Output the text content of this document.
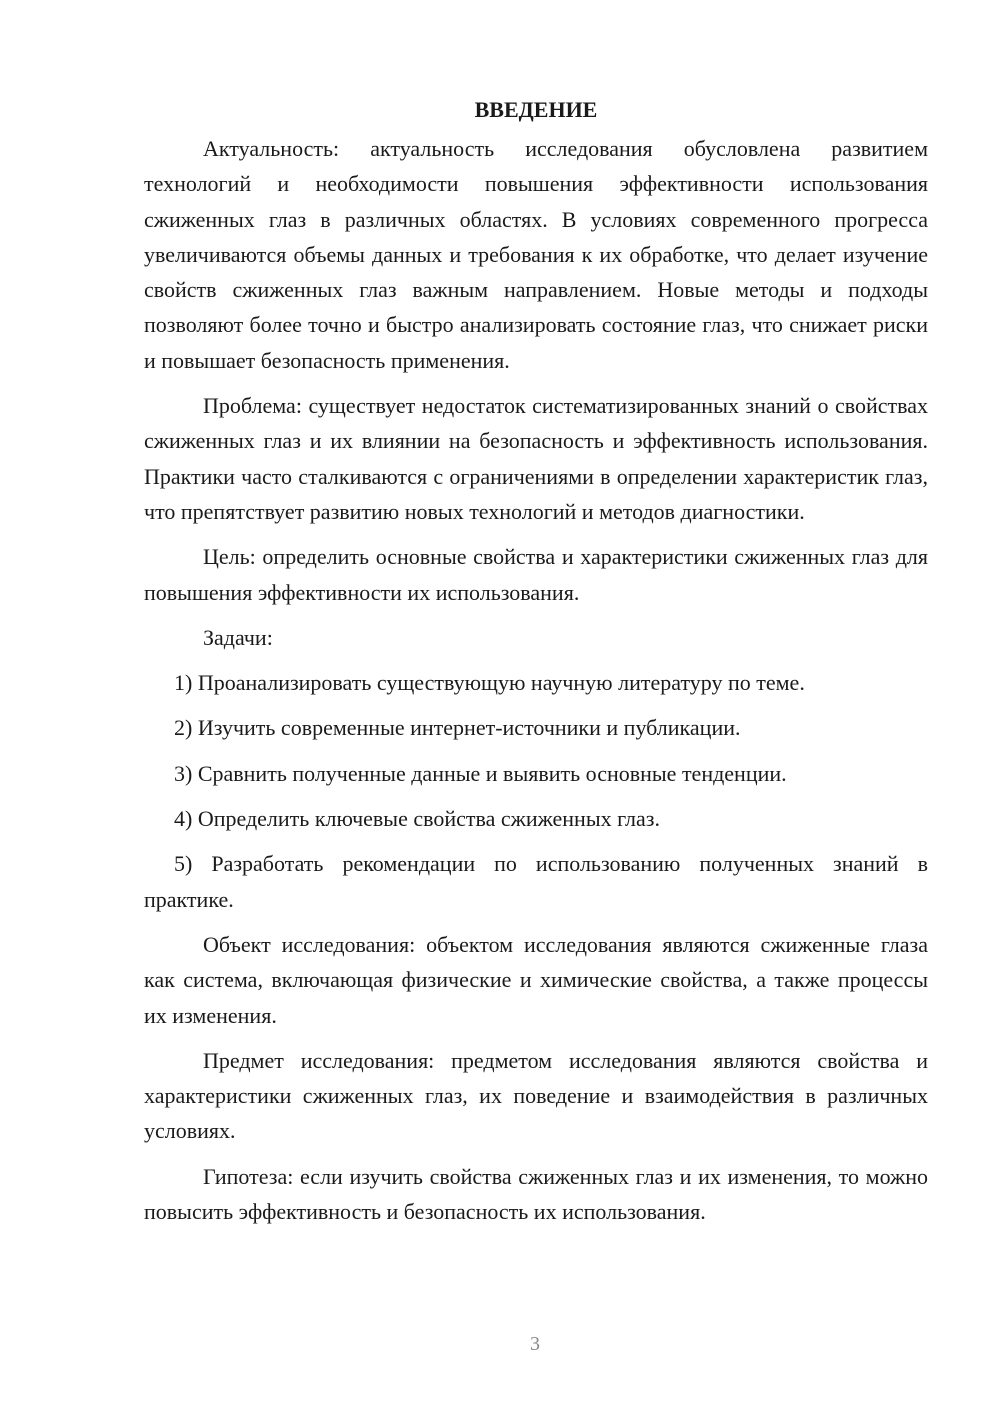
ВВЕДЕНИЕ

Актуальность: актуальность исследования обусловлена развитием технологий и необходимости повышения эффективности использования сжиженных глаз в различных областях. В условиях современного прогресса увеличиваются объемы данных и требования к их обработке, что делает изучение свойств сжиженных глаз важным направлением. Новые методы и подходы позволяют более точно и быстро анализировать состояние глаз, что снижает риски и повышает безопасность применения.

Проблема: существует недостаток систематизированных знаний о свойствах сжиженных глаз и их влиянии на безопасность и эффективность использования. Практики часто сталкиваются с ограничениями в определении характеристик глаз, что препятствует развитию новых технологий и методов диагностики.

Цель: определить основные свойства и характеристики сжиженных глаз для повышения эффективности их использования.

Задачи:

1) Проанализировать существующую научную литературу по теме.

2) Изучить современные интернет-источники и публикации.

3) Сравнить полученные данные и выявить основные тенденции.

4) Определить ключевые свойства сжиженных глаз.

5) Разработать рекомендации по использованию полученных знаний в практике.

Объект исследования: объектом исследования являются сжиженные глаза как система, включающая физические и химические свойства, а также процессы их изменения.

Предмет исследования: предметом исследования являются свойства и характеристики сжиженных глаз, их поведение и взаимодействия в различных условиях.

Гипотеза: если изучить свойства сжиженных глаз и их изменения, то можно повысить эффективность и безопасность их использования.

3
